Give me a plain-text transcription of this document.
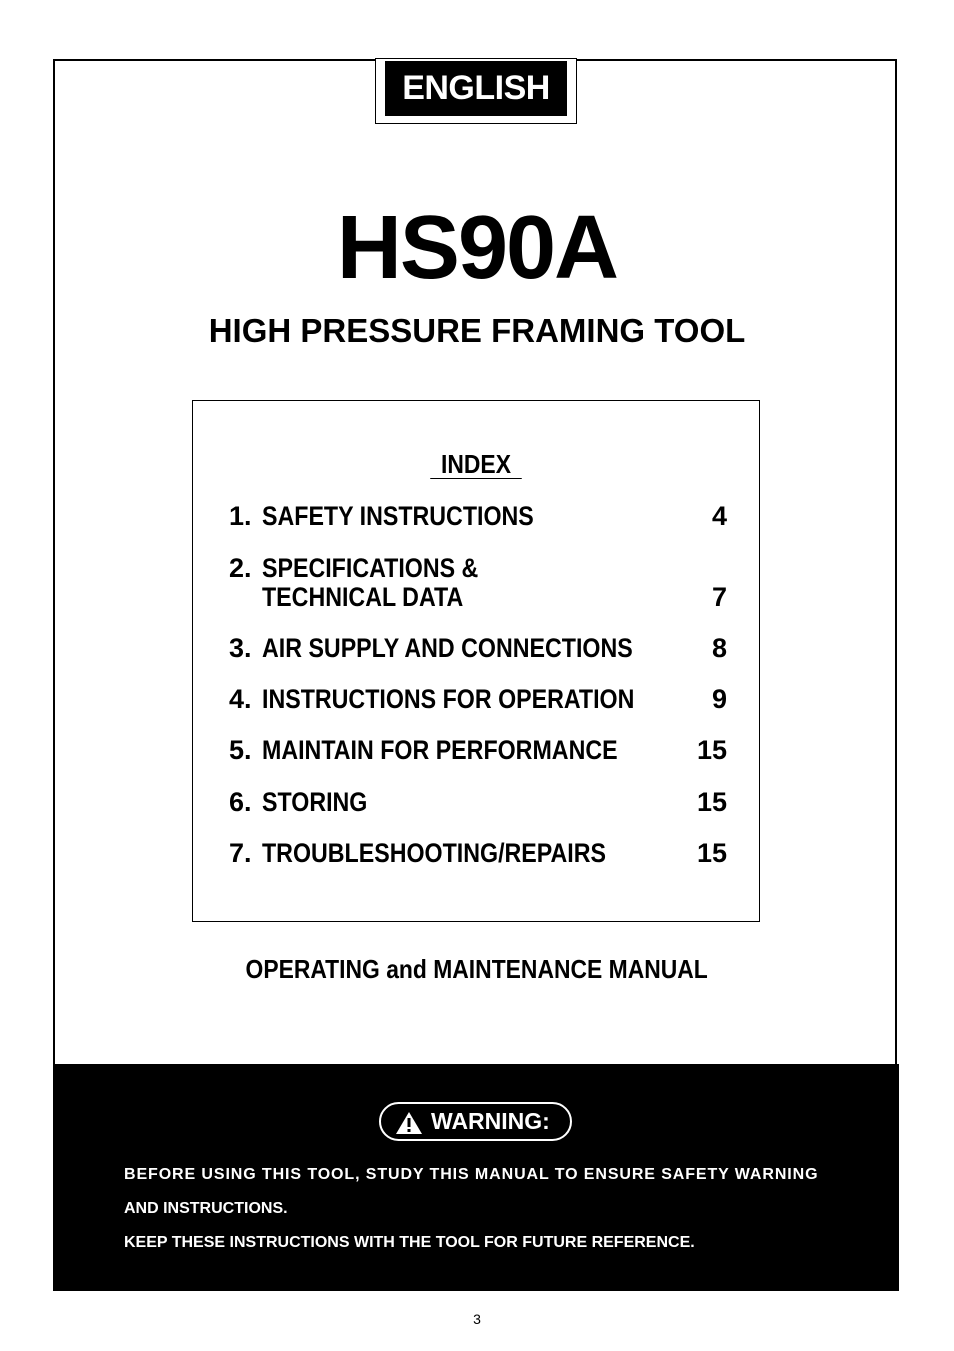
ENGLISH
HS90A
HIGH PRESSURE FRAMING TOOL
INDEX
1. SAFETY INSTRUCTIONS	4
2. SPECIFICATIONS &
TECHNICAL DATA	7
3. AIR SUPPLY AND CONNECTIONS	8
4. INSTRUCTIONS FOR OPERATION	9
5. MAINTAIN FOR PERFORMANCE	15
6. STORING	15
7. TROUBLESHOOTING/REPAIRS	15
OPERATING and MAINTENANCE MANUAL
WARNING:
BEFORE USING THIS TOOL, STUDY THIS MANUAL TO ENSURE SAFETY WARNING
AND INSTRUCTIONS.
KEEP THESE INSTRUCTIONS WITH THE TOOL FOR FUTURE REFERENCE.
3
